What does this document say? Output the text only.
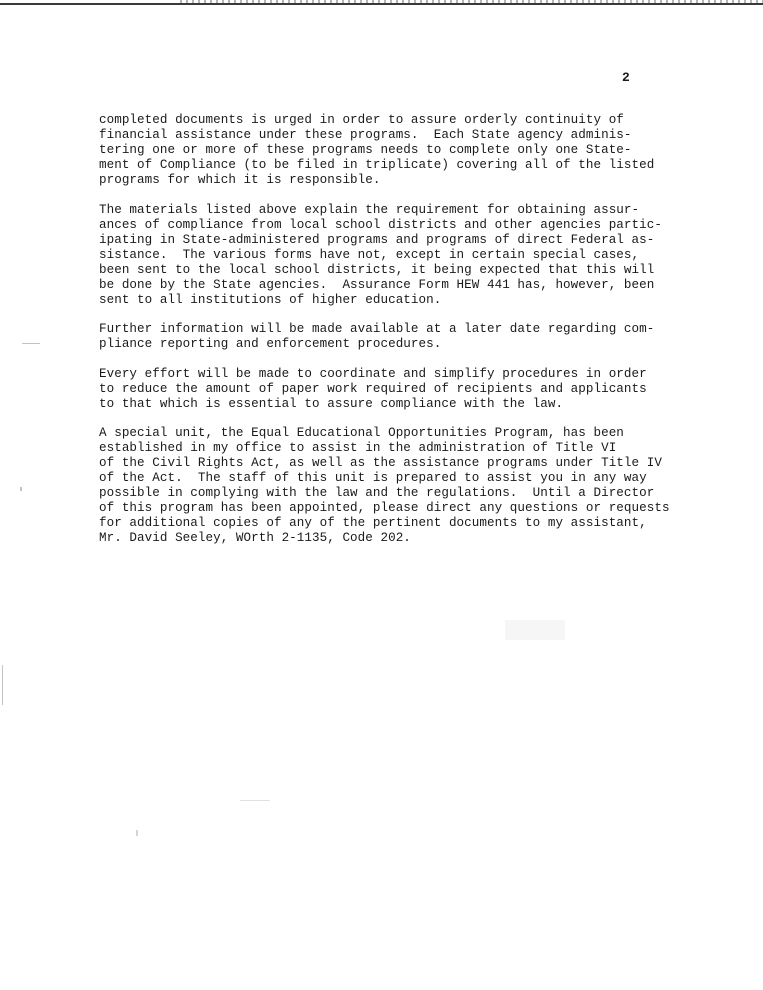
2

completed documents is urged in order to assure orderly continuity of
financial assistance under these programs.  Each State agency adminis-
tering one or more of these programs needs to complete only one State-
ment of Compliance (to be filed in triplicate) covering all of the listed
programs for which it is responsible.

The materials listed above explain the requirement for obtaining assur-
ances of compliance from local school districts and other agencies partic-
ipating in State-administered programs and programs of direct Federal as-
sistance.  The various forms have not, except in certain special cases,
been sent to the local school districts, it being expected that this will
be done by the State agencies.  Assurance Form HEW 441 has, however, been
sent to all institutions of higher education.

Further information will be made available at a later date regarding com-
pliance reporting and enforcement procedures.

Every effort will be made to coordinate and simplify procedures in order
to reduce the amount of paper work required of recipients and applicants
to that which is essential to assure compliance with the law.

A special unit, the Equal Educational Opportunities Program, has been
established in my office to assist in the administration of Title VI
of the Civil Rights Act, as well as the assistance programs under Title IV
of the Act.  The staff of this unit is prepared to assist you in any way
possible in complying with the law and the regulations.  Until a Director
of this program has been appointed, please direct any questions or requests
for additional copies of any of the pertinent documents to my assistant,
Mr. David Seeley, WOrth 2-1135, Code 202.
